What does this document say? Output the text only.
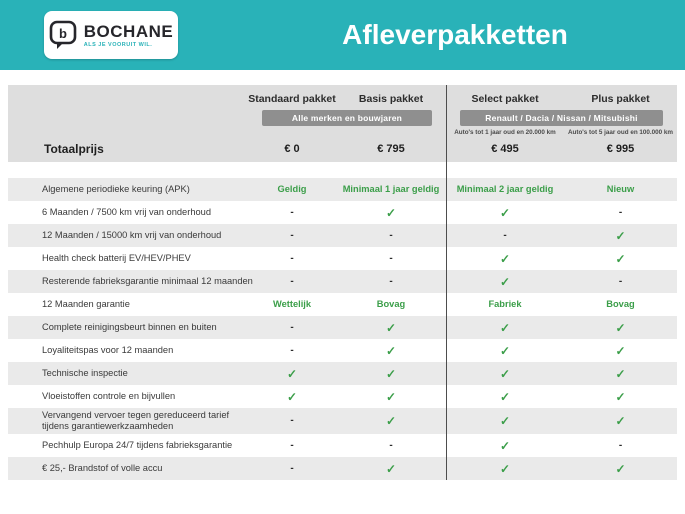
b BOCHANE
ALS JE VOORUIT WIL.	Afleverpakketten
Standaard pakket	Basis pakket	Select pakket	Plus pakket
Alle merken en bouwjaren	Renault / Dacia / Nissan / Mitsubishi
Auto's tot 1 jaar oud en 20.000 km	Auto's tot 5 jaar oud en 100.000 km
Totaalprijs	€ 0	€ 795	€ 495	€ 995
Algemene periodieke keuring (APK)	Geldig	Minimaal 1 jaar geldig	Minimaal 2 jaar geldig	Nieuw
6 Maanden / 7500 km vrij van onderhoud	-	✓	✓	-
12 Maanden / 15000 km vrij van onderhoud	-	-	-	✓
Health check batterij EV/HEV/PHEV	-	-	✓	✓
Resterende fabrieksgarantie minimaal 12 maanden	-	-	✓	-
12 Maanden garantie	Wettelijk	Bovag	Fabriek	Bovag
Complete reinigingsbeurt binnen en buiten	-	✓	✓	✓
Loyaliteitspas voor 12 maanden	-	✓	✓	✓
Technische inspectie	✓	✓	✓	✓
Vloeistoffen controle en bijvullen	✓	✓	✓	✓
Vervangend vervoer tegen gereduceerd tarief tijdens garantiewerkzaamheden	-	✓	✓	✓
Pechhulp Europa 24/7 tijdens fabrieksgarantie	-	-	✓	-
€ 25,- Brandstof of volle accu	-	✓	✓	✓
